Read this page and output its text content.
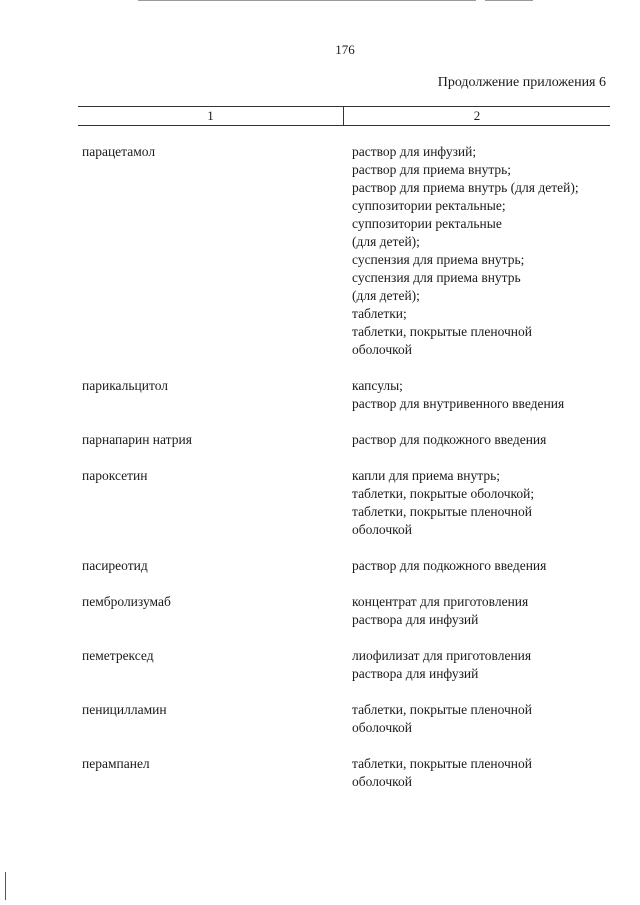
176
Продолжение приложения 6
1	2
парацетамол	раствор для инфузий;
раствор для приема внутрь;
раствор для приема внутрь (для детей);
суппозитории ректальные;
суппозитории ректальные
(для детей);
суспензия для приема внутрь;
суспензия для приема внутрь
(для детей);
таблетки;
таблетки, покрытые пленочной
оболочкой
парикальцитол	капсулы;
раствор для внутривенного введения
парнапарин натрия	раствор для подкожного введения
пароксетин	капли для приема внутрь;
таблетки, покрытые оболочкой;
таблетки, покрытые пленочной
оболочкой
пасиреотид	раствор для подкожного введения
пембролизумаб	концентрат для приготовления
раствора для инфузий
пеметрексед	лиофилизат для приготовления
раствора для инфузий
пеницилламин	таблетки, покрытые пленочной
оболочкой
перампанел	таблетки, покрытые пленочной
оболочкой
